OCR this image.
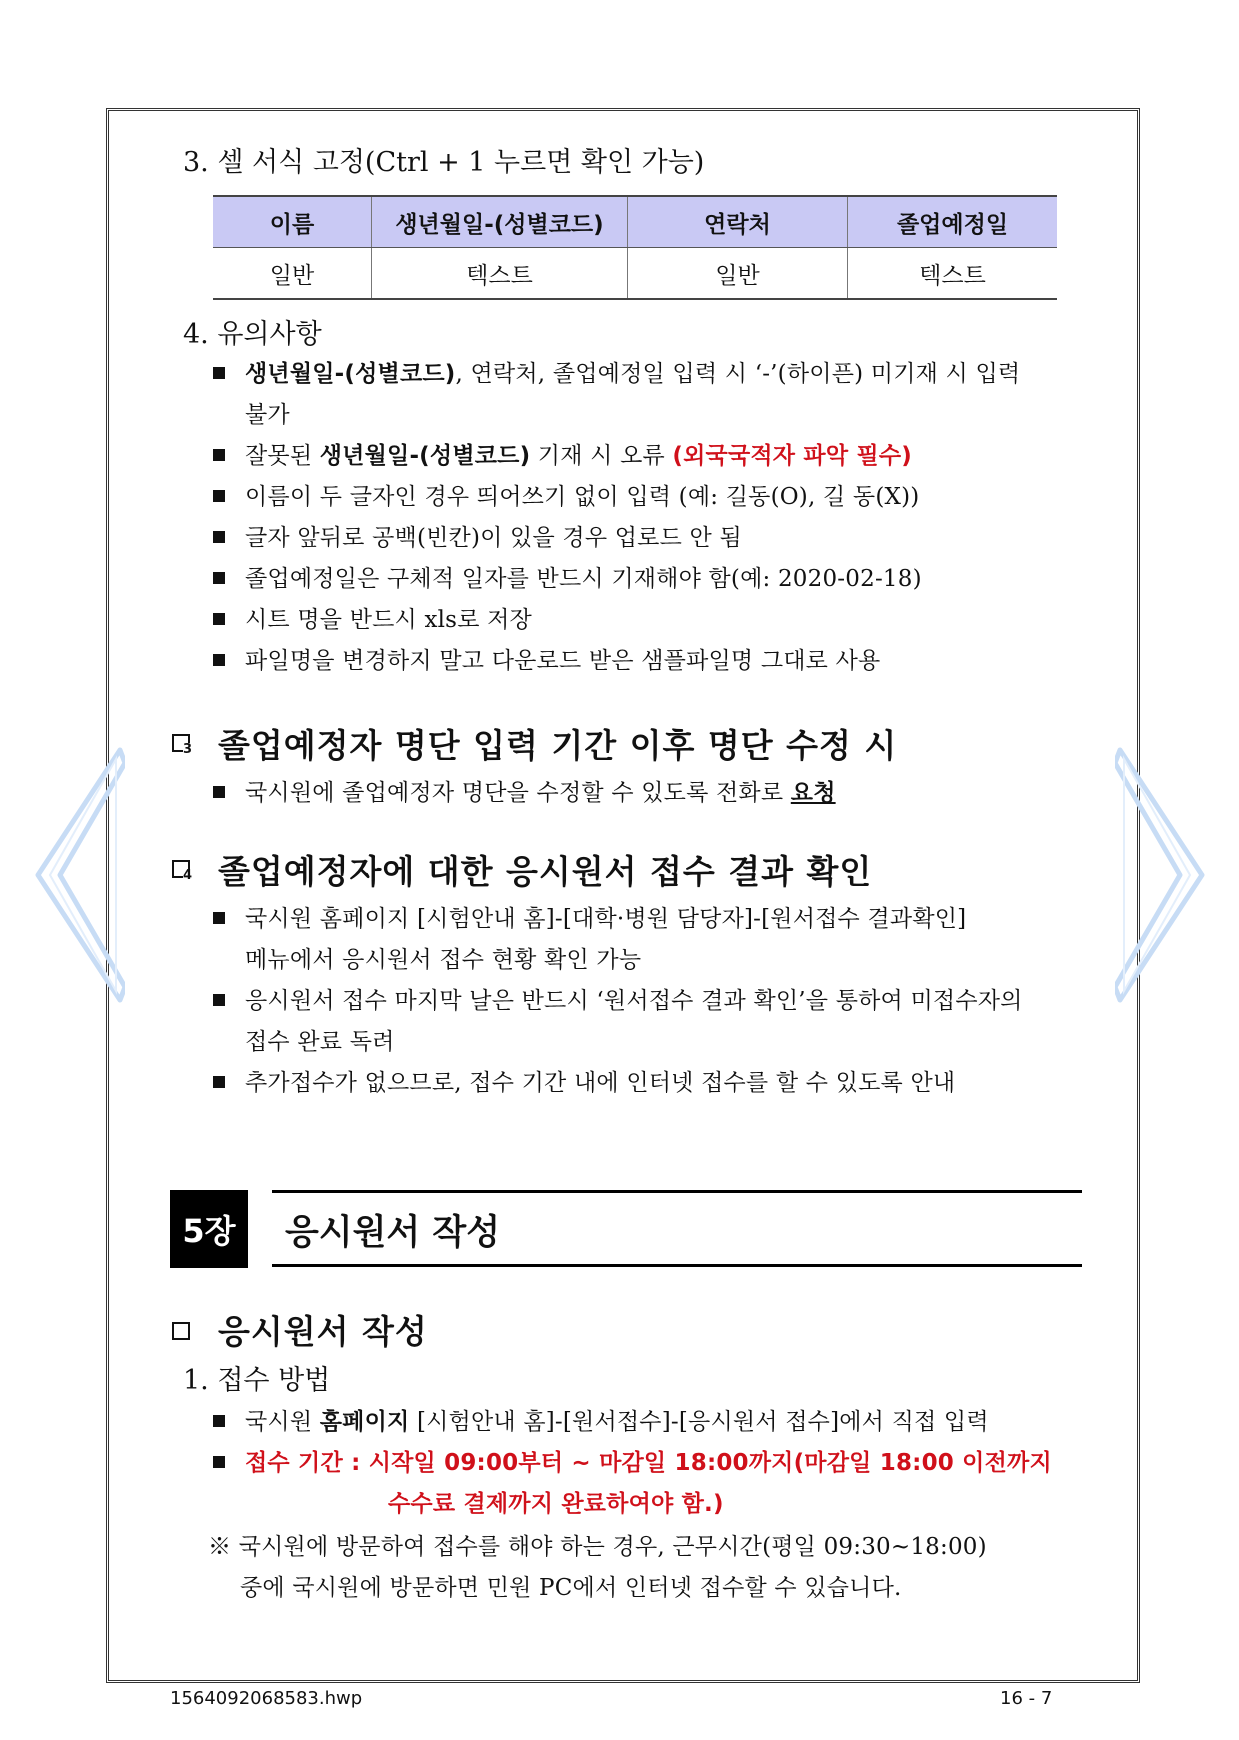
3. 셀 서식 고정(Ctrl + 1 누르면 확인 가능)
이름	생년월일-(성별코드)	연락처	졸업예정일
일반	텍스트	일반	텍스트
4. 유의사항
생년월일-(성별코드), 연락처, 졸업예정일 입력 시 ‘-’(하이픈) 미기재 시 입력
불가
잘못된 생년월일-(성별코드) 기재 시 오류 (외국국적자 파악 필수)
이름이 두 글자인 경우 띄어쓰기 없이 입력 (예: 길동(O), 길 동(X))
글자 앞뒤로 공백(빈칸)이 있을 경우 업로드 안 됨
졸업예정일은 구체적 일자를 반드시 기재해야 함(예: 2020-02-18)
시트 명을 반드시 xls로 저장
파일명을 변경하지 말고 다운로드 받은 샘플파일명 그대로 사용
3 졸업예정자 명단 입력 기간 이후 명단 수정 시
국시원에 졸업예정자 명단을 수정할 수 있도록 전화로 요청
4 졸업예정자에 대한 응시원서 접수 결과 확인
국시원 홈페이지 [시험안내 홈]-[대학·병원 담당자]-[원서접수 결과확인]
메뉴에서 응시원서 접수 현황 확인 가능
응시원서 접수 마지막 날은 반드시 ‘원서접수 결과 확인’을 통하여 미접수자의
접수 완료 독려
추가접수가 없으므로, 접수 기간 내에 인터넷 접수를 할 수 있도록 안내
5장	응시원서 작성
응시원서 작성
1. 접수 방법
국시원 홈페이지 [시험안내 홈]-[원서접수]-[응시원서 접수]에서 직접 입력
접수 기간 : 시작일 09:00부터 ~ 마감일 18:00까지(마감일 18:00 이전까지
수수료 결제까지 완료하여야 함.)
※ 국시원에 방문하여 접수를 해야 하는 경우, 근무시간(평일 09:30~18:00)
중에 국시원에 방문하면 민원 PC에서 인터넷 접수할 수 있습니다.
1564092068583.hwp	16 - 7
